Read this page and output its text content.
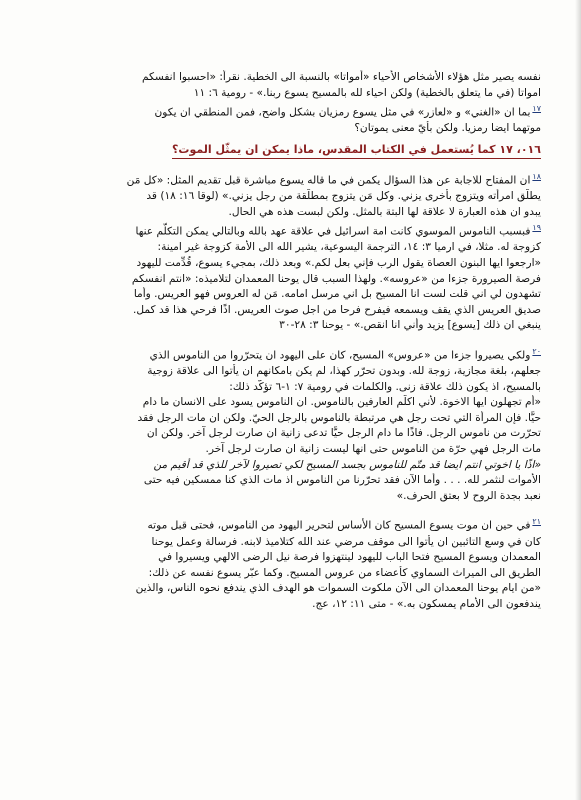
نفسه يصير مثل هؤلاء الأشخاص الأحياء «أمواتا» بالنسبة الى الخطية. نقرأ: «احسبوا انفسكم
امواتا (في ما يتعلق بالخطية) ولكن احياء لله بالمسيح يسوع ربنا.» - رومية ٦: ١١
$^{١٧}$بما ان «الغني» و «لعازر» في مثل يسوع رمزيان بشكل واضح، فمن المنطقي ان يكون
موتهما ايضا رمزيا. ولكن بأيّ معنى يموتان؟

٠١٦، ١٧ كما يُستعمل في الكتاب المقدس، ماذا يمكن ان يمثّل الموت؟

$^{١٨}$ان المفتاح للاجابة عن هذا السؤال يكمن في ما قاله يسوع مباشرة قبل تقديم المثل: «كل مَن
يطلّق امرأته ويتزوج بأخرى يزني. وكل مَن يتزوج بمطلّقة من رجل يزني.» (لوقا ١٦: ١٨) قد
يبدو ان هذه العبارة لا علاقة لها البتة بالمثل. ولكن لبست هذه هي الحال.

$^{١٩}$فبسبب الناموس الموسوي كانت امة اسرائيل في علاقة عهد بالله وبالتالي يمكن التكلّم عنها
كزوجة له. مثلا، في ارميا ٣: ١٤، الترجمة اليسوعية، يشير الله الى الأمة كزوجة غير امينة:
«ارجعوا ايها البنون العصاة يقول الرب فإني بعل لكم.» وبعد ذلك، بمجيء يسوع، قُدِّمت لليهود
فرصة الصيرورة جزءا من «عروسه». ولهذا السبب قال يوحنا المعمدان لتلاميذه: «انتم انفسكم
تشهدون لي اني قلت لست انا المسيح بل اني مرسل امامه. مَن له العروس فهو العريس. وأما
صديق العريس الذي يقف ويسمعه فيفرح فرحا من اجل صوت العريس. اذًا فرحي هذا قد كمل.
ينبغي ان ذلك [يسوع] يزيد وأني انا انقص.» - يوحنا ٣: ٢٨-٣٠

$^{٢٠}$ولكي يصيروا جزءا من «عروس» المسيح، كان على اليهود ان يتحرّروا من الناموس الذي
جعلهم، بلغة مجازية، زوجة لله. وبدون تحرّر كهذا، لم يكن بامكانهم ان يأتوا الى علاقة زوجية
بالمسيح، اذ يكون ذلك علاقة زنى. والكلمات في رومية ٧: ١-٦ تؤكّد ذلك:
«أم تجهلون ايها الاخوة. لأني اكلّم العارفين بالناموس. ان الناموس يسود على الانسان ما دام
حيًّا. فإن المرأة التي تحت رجل هي مرتبطة بالناموس بالرجل الحيّ. ولكن ان مات الرجل فقد
تحرّرت من ناموس الرجل. فاذًا ما دام الرجل حيًّا تدعى زانية ان صارت لرجل آخر. ولكن ان
مات الرجل فهي حرّة من الناموس حتى انها ليست زانية ان صارت لرجل آخر.
«اذًا يا اخوتي انتم ايضا قد متّم للناموس بجسد المسيح لكي تصيروا لآخر للذي قد أقيم من
الأموات لنثمر لله. . . . وأما الآن فقد تحرّرنا من الناموس اذ مات الذي كنا ممسكين فيه حتى
نعبد بجدة الروح لا بعتق الحرف.»

$^{٢١}$في حين ان موت يسوع المسيح كان الأساس لتحرير اليهود من الناموس، فحتى قبل موته
كان في وسع التائبين ان يأتوا الى موقف مرضي عند الله كتلاميذ لابنه. فرسالة وعمل يوحنا
المعمدان ويسوع المسيح فتحا الباب لليهود لينتهزوا فرصة نيل الرضى الالهي ويسيروا في
الطريق الى الميراث السماوي كأعضاء من عروس المسيح. وكما عبّر يسوع نفسه عن ذلك:
«من ايام يوحنا المعمدان الى الآن ملكوت السموات هو الهدف الذي يندفع نحوه الناس، والذين
يندفعون الى الأمام يمسكون به.» - متى ١١: ١٢، عج.
